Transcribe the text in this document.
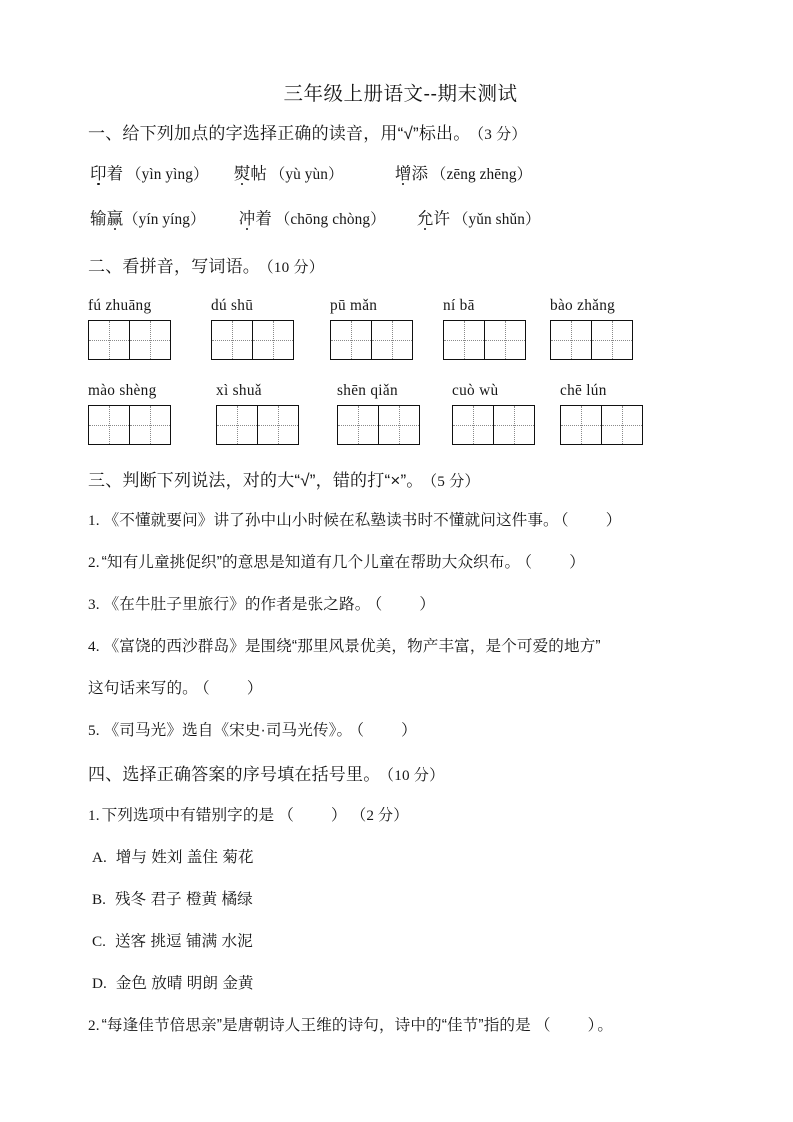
三年级上册语文--期末测试
一、给下列加点的字选择正确的读音，用“√”标出。 （3 分）
印着 （yìn yìng） 熨帖 （yù yùn）	增添 （zēng zhēng）
输赢（yín yíng） 冲着 （chōng chòng） 允许 （yǔn shǔn）
二、看拼音，写词语。 （10 分）
fú zhuāng	dú shū	pū mǎn	ní bā	bào zhǎng
mào shèng	xì shuǎ	shēn qiǎn	cuò wù	chē lún
三、判断下列说法，对的大“√”，错的打“×”。 （5 分）
1. 《不懂就要问》讲了孙中山小时候在私塾读书时不懂就问这件事。 （　　）
2. “知有儿童挑促织”的意思是知道有几个儿童在帮助大众织布。 （　　）
3. 《在牛肚子里旅行》的作者是张之路。 （　　）
4. 《富饶的西沙群岛》是围绕“那里风景优美，物产丰富，是个可爱的地方”
这句话来写的。 （　　）
5. 《司马光》选自《宋史·司马光传》。 （　　）
四、选择正确答案的序号填在括号里。 （10 分）
1. 下列选项中有错别字的是 （　　） （2 分）
A. 增与 姓刘 盖住 菊花
B. 残冬 君子 橙黄 橘绿
C. 送客 挑逗 铺满 水泥
D. 金色 放晴 明朗 金黄
2. “每逢佳节倍思亲”是唐朝诗人王维的诗句，诗中的“佳节”指的是 （　　）。
